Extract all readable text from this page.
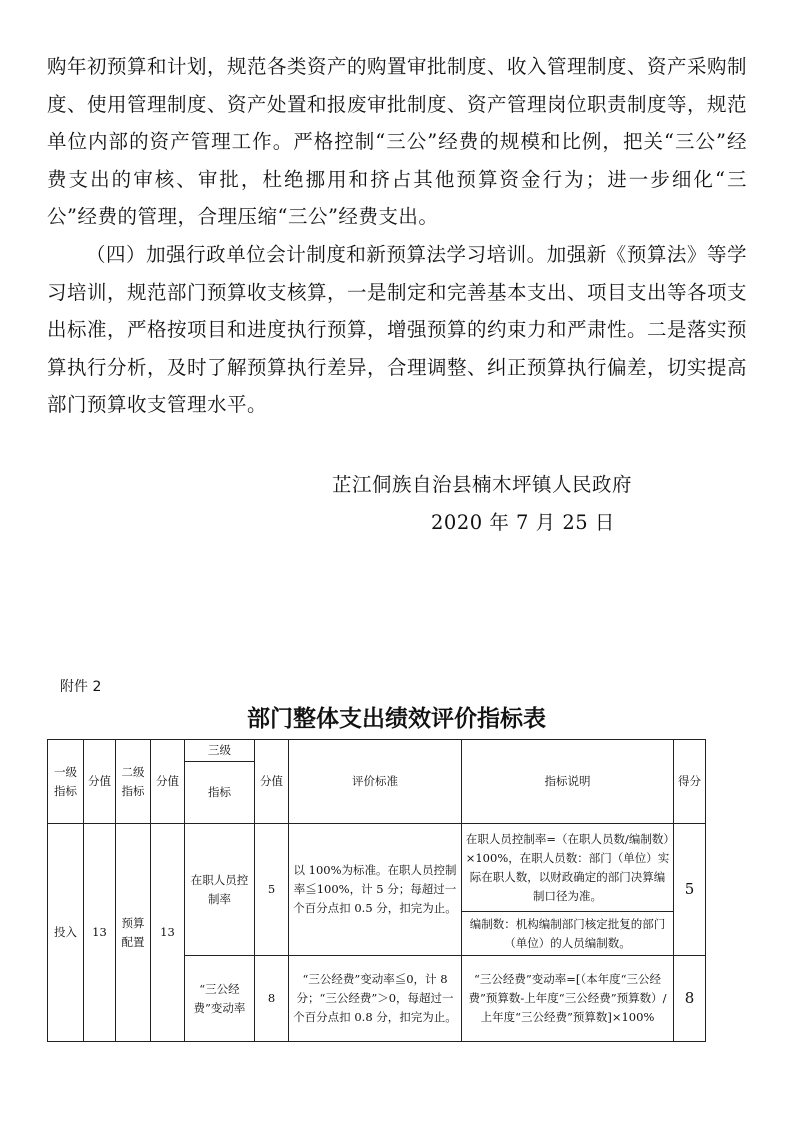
购年初预算和计划，规范各类资产的购置审批制度、收入管理制度、资产采购制度、使用管理制度、资产处置和报废审批制度、资产管理岗位职责制度等，规范单位内部的资产管理工作。严格控制“三公”经费的规模和比例，把关“三公”经费支出的审核、审批，杜绝挪用和挤占其他预算资金行为；进一步细化“三公”经费的管理，合理压缩“三公”经费支出。

（四）加强行政单位会计制度和新预算法学习培训。加强新《预算法》等学习培训，规范部门预算收支核算，一是制定和完善基本支出、项目支出等各项支出标准，严格按项目和进度执行预算，增强预算的约束力和严肃性。二是落实预算执行分析，及时了解预算执行差异，合理调整、纠正预算执行偏差，切实提高部门预算收支管理水平。

芷江侗族自治县楠木坪镇人民政府
2020 年 7 月 25 日
附件 2
部门整体支出绩效评价指标表
一级指标	分值	二级指标	分值	三级	分值	评价标准	指标说明	得分
				指标				
投入	13	预算配置	13	在职人员控制率	5	以 100%为标准。在职人员控制率≦100%，计 5 分；每超过一个百分点扣 0.5 分，扣完为止。	在职人员控制率=（在职人员数/编制数）×100%，在职人员数：部门（单位）实际在职人数，以财政确定的部门决算编制口径为准。	5
							编制数：机构编制部门核定批复的部门（单位）的人员编制数。	
				“三公经费”变动率	8	“三公经费”变动率≦0，计 8 分；“三公经费”＞0，每超过一个百分点扣 0.8 分，扣完为止。	“三公经费”变动率=[（本年度“三公经费”预算数-上年度“三公经费”预算数）/上年度“三公经费”预算数]×100%	8
